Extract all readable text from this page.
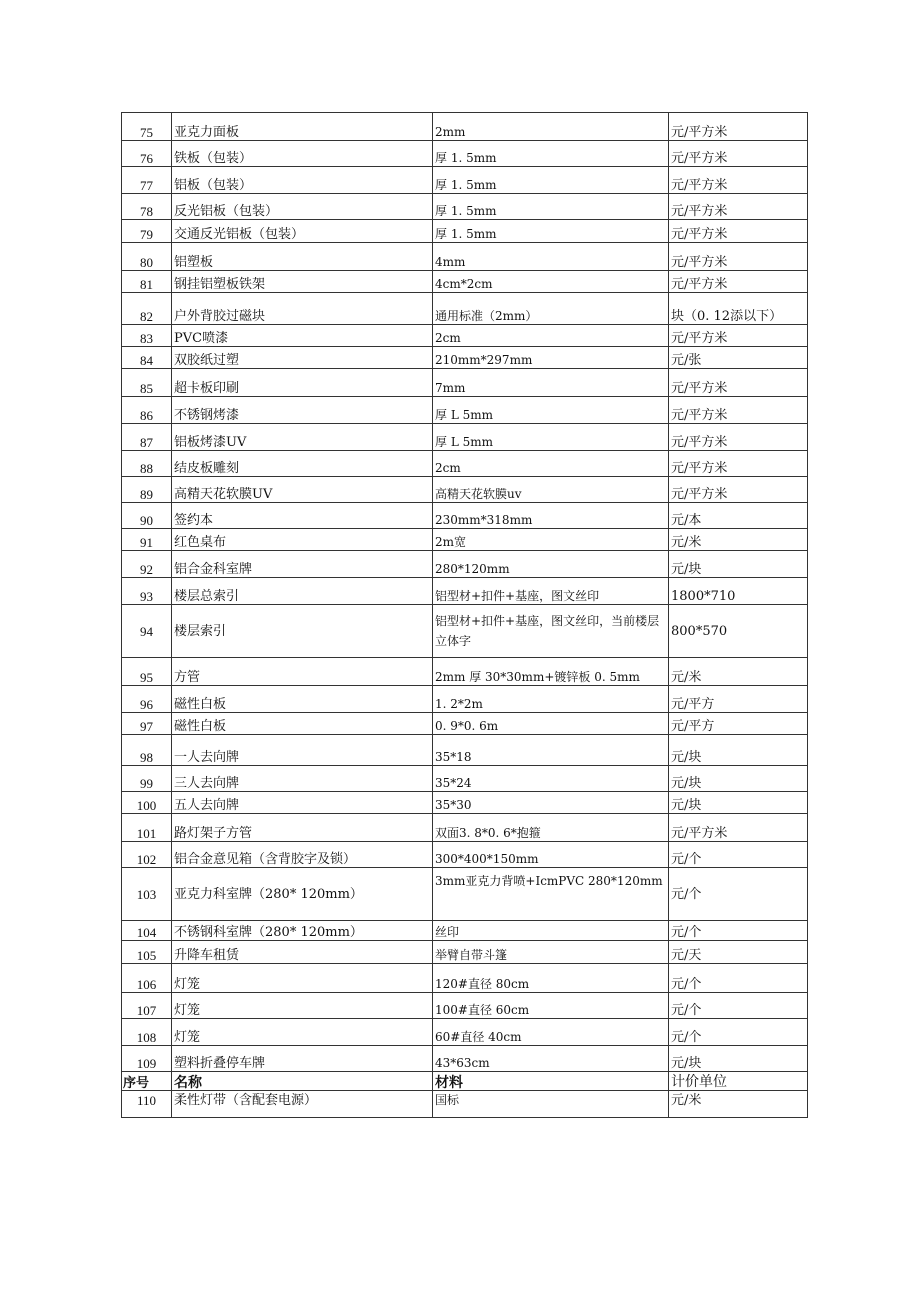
75	亚克力面板	2mm	元/平方米
76	铁板（包装）	厚 1. 5mm	元/平方米
77	铝板（包装）	厚 1. 5mm	元/平方米
78	反光铝板（包装）	厚 1. 5mm	元/平方米
79	交通反光铝板（包装）	厚 1. 5mm	元/平方米
80	铝塑板	4mm	元/平方米
81	钢挂铝塑板铁架	4cm*2cm	元/平方米
82	户外背胶过磁块	通用标准（2mm）	块（0. 12添以下）
83	PVC喷漆	2cm	元/平方米
84	双胶纸过塑	210mm*297mm	元/张
85	超卡板印刷	7mm	元/平方米
86	不锈钢烤漆	厚 L 5mm	元/平方米
87	铝板烤漆UV	厚 L 5mm	元/平方米
88	结皮板雕刻	2cm	元/平方米
89	高精天花软膜UV	高精天花软膜uv	元/平方米
90	签约本	230mm*318mm	元/本
91	红色桌布	2m宽	元/米
92	铝合金科室牌	280*120mm	元/块
93	楼层总索引	铝型材+扣件+基座，图文丝印	1800*710
94	楼层索引	铝型材+扣件+基座，图文丝印，当前楼层立体字	800*570
95	方管	2mm 厚 30*30mm+镀锌板 0. 5mm	元/米
96	磁性白板	1. 2*2m	元/平方
97	磁性白板	0. 9*0. 6m	元/平方
98	一人去向牌	35*18	元/块
99	三人去向牌	35*24	元/块
100	五人去向牌	35*30	元/块
101	路灯架子方管	双面3. 8*0. 6*抱箍	元/平方米
102	铝合金意见箱（含背胶字及锁）	300*400*150mm	元/个
103	亚克力科室牌（280* 120mm）	3mm亚克力背喷+IcmPVC 280*120mm	元/个
104	不锈钢科室牌（280* 120mm）	丝印	元/个
105	升降车租赁	举臂自带斗篷	元/天
106	灯笼	120#直径 80cm	元/个
107	灯笼	100#直径 60cm	元/个
108	灯笼	60#直径 40cm	元/个
109	塑料折叠停车牌	43*63cm	元/块
序号	名称	材料	计价单位
110	柔性灯带（含配套电源）	国标	元/米
